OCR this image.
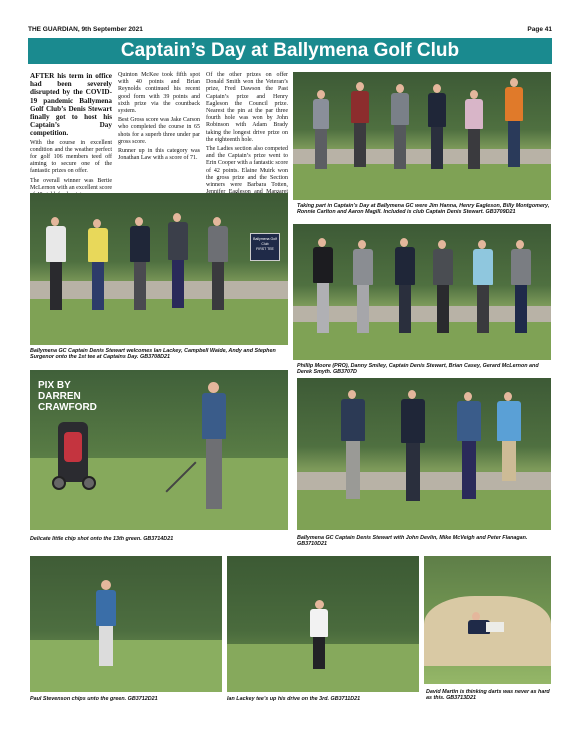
THE GUARDIAN, 9th September 2021	Page 41
Captain’s Day at Ballymena Golf Club

AFTER his term in office had been severely disrupted by the COVID-19 pandemic Ballymena Golf Club’s Denis Stewart finally got to host his Captain’s Day competition.

With the course in excellent condition and the weather perfect for golf 106 members teed off aiming to secure one of the fantastic prizes on offer.

The overall winner was Bertie McLernon with an excellent score

Quinton McKee took fifth spot with 40 points and Brian Reynolds continued his recent good form with 39 points and sixth prize via the countback system.

Best Gross score was Jake Carson who completed the course in 65 shots for a superb three under par gross score.

Runner up in this category was Jonathan Law with a score of 71.

Of the other prizes on offer Donald Smith won the Veteran’s prize, Fred Dawson the Past Captain’s prize and Henry Eagleson the Council prize. Nearest the pin at the par three fourth hole was won by John Robinson with Adam Brady taking the longest drive prize on the eighteenth hole.

The Ladies section also competed and the Captain’s prize went to Erin Cooper with a fantastic score of 42 points. Elaine Muirk won the gross prize and the Section winners were Barbara Totten,

Taking part in Captain’s Day at Ballymena GC were Jim Hanna, Henry Eagleson, Billy Montgomery, Ronnie Carlton and Aaron Magill. Included is club Captain Denis Stewart. GB3709D21
Ballymena Golf Club
FIRST TEE
Ballymena GC Captain Denis Stewart welcomes Ian Lackey, Campbell Waide, Andy and Stephen Surgenor onto the 1st tee at Captains Day. GB3708D21
Phillip Moore (PRO), Danny Smiley, Captain Denis Stewart, Brian Casey, Gerard McLernon and Derek Smyth. GB3707D
PIX BY
DARREN
CRAWFORD
Delicate little chip shot onto the 13th green. GB3714D21	Ballymena GC Captain Denis Stewart with John Devlin, Mike McVeigh and Peter Flanagan. GB3710D21
Paul Stevenson chips unto the green. GB3712D21	Ian Lackey tee’s up his drive on the 3rd. GB3711D21
David Martin is thinking darts was never as hard as this. GB3713D21
